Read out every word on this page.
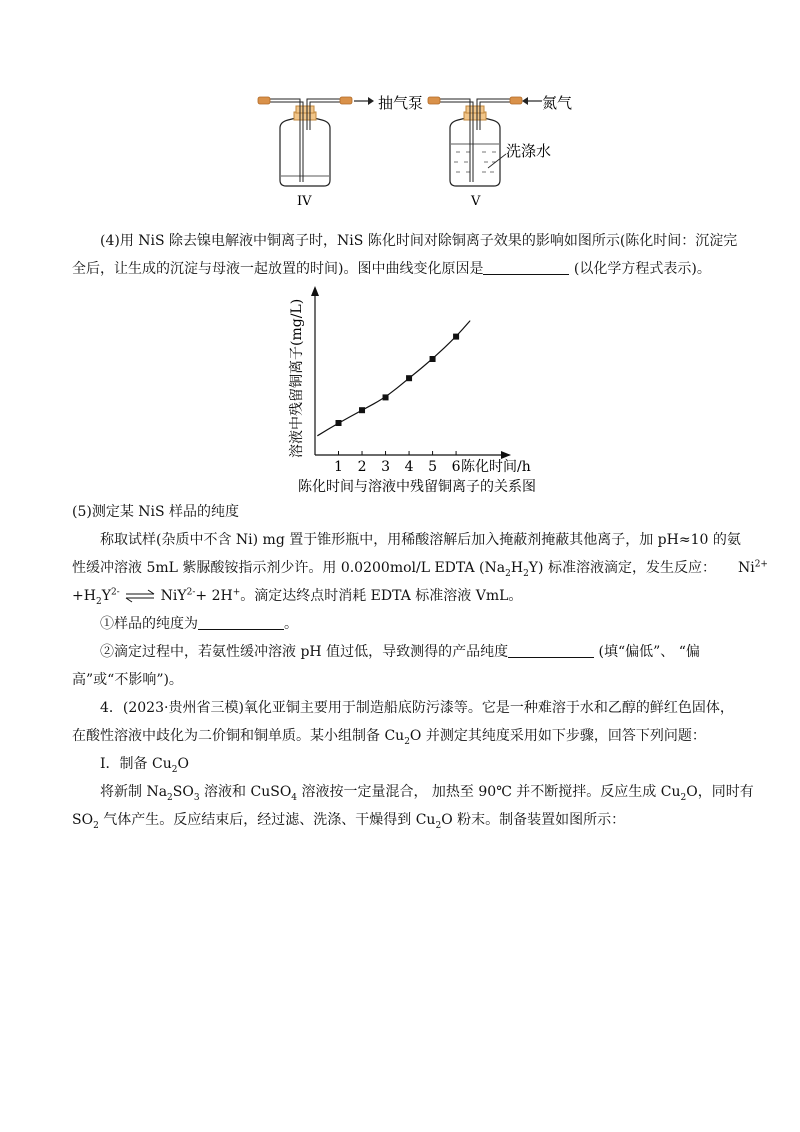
抽气泵
IV
氮气
洗涤水
V

(4)用 NiS 除去镍电解液中铜离子时，NiS 陈化时间对除铜离子效果的影响如图所示(陈化时间：沉淀完

全后，让生成的沉淀与母液一起放置的时间)。图中曲线变化原因是	(以化学方程式表示)。

溶液中残留铜离子(mg/L)
陈化时间/h
陈化时间与溶液中残留铜离子的关系图
1 2 3 4 5 6

(5)测定某 NiS 样品的纯度

称取试样(杂质中不含 Ni) mg 置于锥形瓶中，用稀酸溶解后加入掩蔽剂掩蔽其他离子，加 pH≈10 的氨

性缓冲溶液 5mL 紫脲酸铵指示剂少许。用 0.0200mol/L EDTA $(Na_2H_2Y)$ 标准溶液滴定，发生反应： $Ni^{2+}$

$+H_2Y^{2-}$ ⇌ NiY$^{2-}$+ 2H+。滴定达终点时消耗 EDTA 标准溶液 VmL。

①样品的纯度为	。

②滴定过程中，若氨性缓冲溶液 pH 值过低，导致测得的产品纯度	(填“偏低”、 “偏

高”或“不影响”)。

4．(2023·贵州省三模)氧化亚铜主要用于制造船底防污漆等。它是一种难溶于水和乙醇的鲜红色固体，

在酸性溶液中歧化为二价铜和铜单质。某小组制备 $Cu_2O$ 并测定其纯度采用如下步骤，回答下列问题：

I．制备 $Cu_2O$

将新制 $Na_2SO_3$ 溶液和 CuSO$_4$ 溶液按一定量混合， 加热至 90℃ 并不断搅拌。反应生成 $Cu_2O$，同时有

$SO_2$ 气体产生。反应结束后，经过滤、洗涤、干燥得到 $Cu_2O$ 粉末。制备装置如图所示：
